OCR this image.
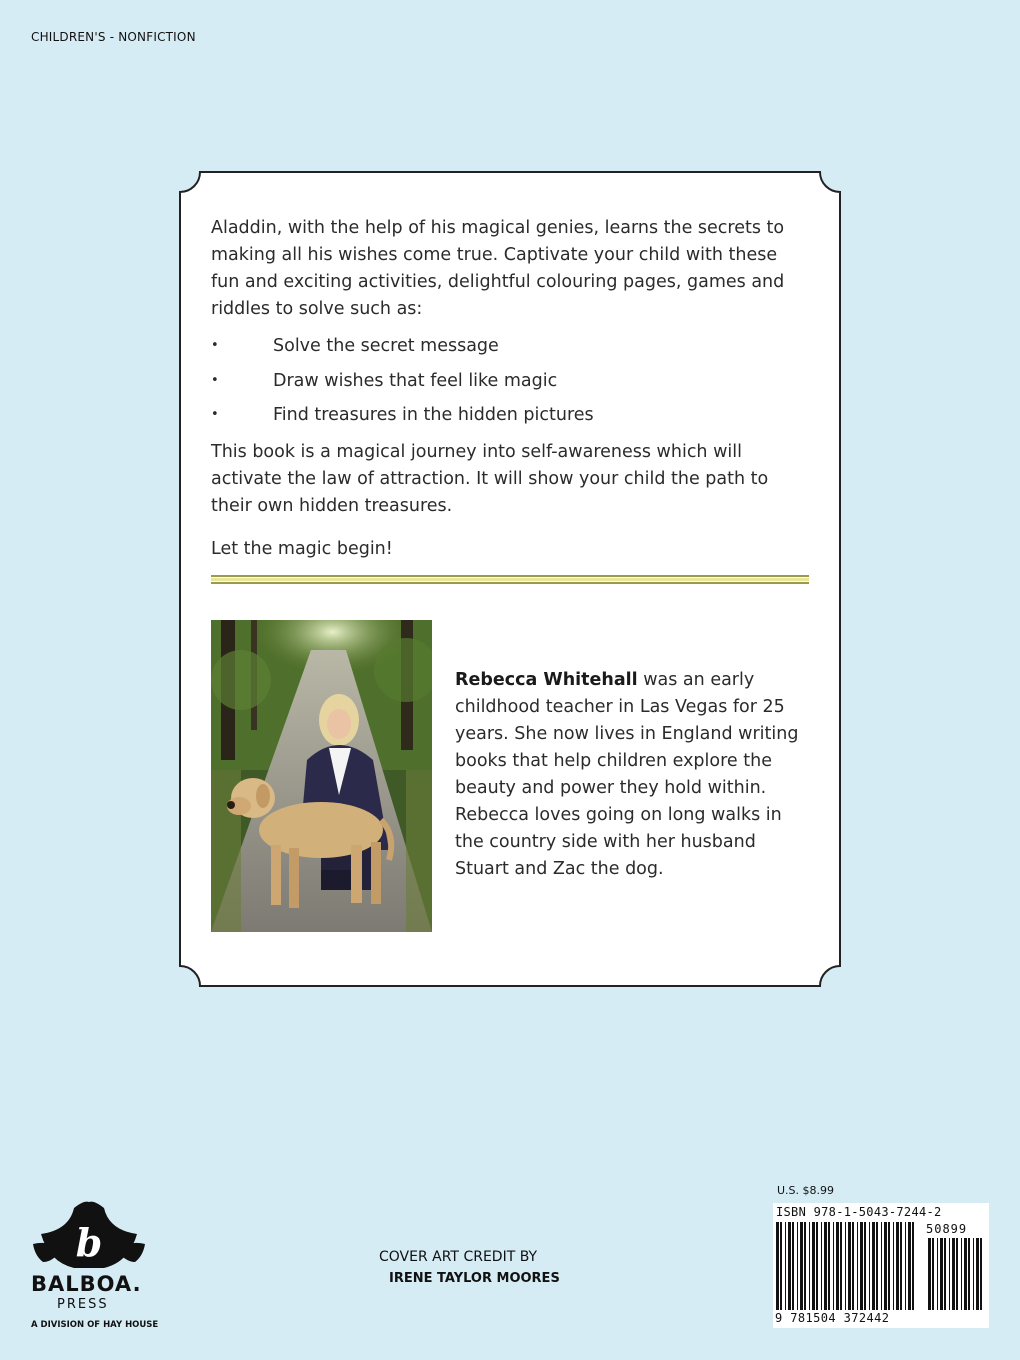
CHILDREN'S - NONFICTION

Aladdin, with the help of his magical genies, learns the secrets to making all his wishes come true. Captivate your child with these fun and exciting activities, delightful colouring pages, games and riddles to solve such as:

•	Solve the secret message
•	Draw wishes that feel like magic
•	Find treasures in the hidden pictures

This book is a magical journey into self-awareness which will activate the law of attraction. It will show your child the path to their own hidden treasures.

Let the magic begin!

Rebecca Whitehall was an early childhood teacher in Las Vegas for 25 years. She now lives in England writing books that help children explore the beauty and power they hold within. Rebecca loves going on long walks in the country side with her husband Stuart and Zac the dog.

b
BALBOA.
PRESS
A DIVISION OF HAY HOUSE
COVER ART CREDIT BY
IRENE TAYLOR MOORES
U.S. $8.99
ISBN 978-1-5043-7244-2
50899
9 781504 372442
